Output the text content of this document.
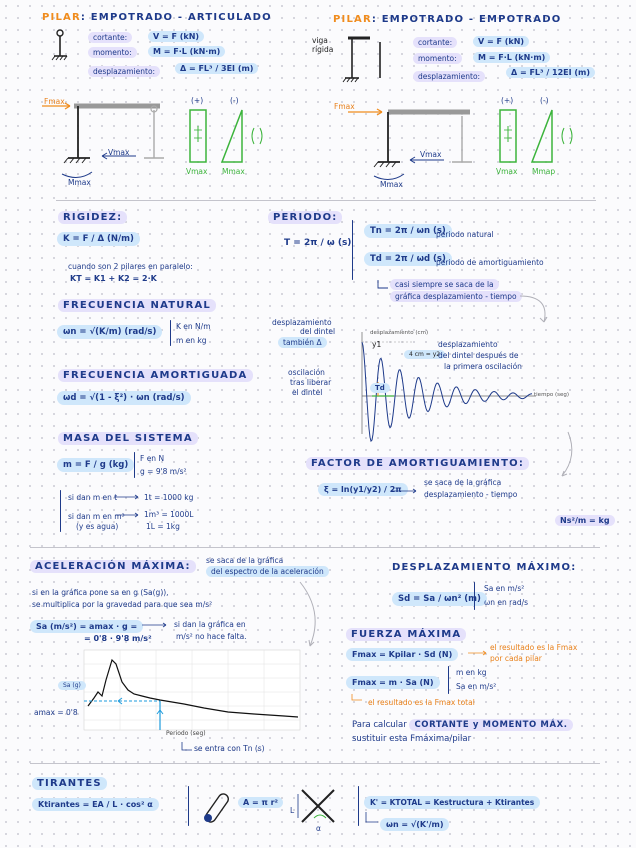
PILAR: EMPOTRADO - ARTICULADO
cortante:	V = F (kN)
momento:	M = F·L (kN·m)
desplazamiento:	Δ = FL³ / 3EI (m)
Fmax
Vmax
Mmax
(+)	(-)
Vmax Mmax
PILAR: EMPOTRADO - EMPOTRADO
viga rígida
cortante:	V = F (kN)
momento:	M = F·L (kN·m)
desplazamiento:	Δ = FL³ / 12EI (m)
Fmax
Vmax
Mmax
(+)	(-)
Vmax Mmap
RIGIDEZ:
K = F / Δ (N/m)
cuando son 2 pilares en paralelo:
KT = K1 + K2 = 2·K
PERIODO:
T = 2π / ω (s)
Tn = 2π / ωn (s)
periodo natural
Td = 2π / ωd (s)
periodo de amortiguamiento
casi siempre se saca de la
gráfica desplazamiento - tiempo
FRECUENCIA NATURAL
ωn = √(K/m) (rad/s)
K en N/m
m en kg
FRECUENCIA AMORTIGUADA
ωd = √(1 - ξ²) · ωn (rad/s)
desplazamiento
del dintel
también Δ
oscilación
tras liberar
el dintel
desplazamiento (cm)
tiempo (seg)
y1
4 cm = y2
Td
desplazamiento
del dintel después de
la primera oscilación
MASA DEL SISTEMA
m = F / g (kg)
F en N
g = 9'8 m/s²
si dan m en t	1t = 1000 kg
si dan m en m³
(y es agua)
1m³ = 1000L
1L = 1kg
FACTOR DE AMORTIGUAMIENTO:
ξ = ln(y1/y2) / 2π
se saca de la gráfica
desplazamiento - tiempo
Ns²/m = kg
ACELERACIÓN MÁXIMA:
se saca de la gráfica
del espectro de la aceleración
si en la gráfica pone sa en g (Sa(g)),
se multiplica por la gravedad para que sea m/s²
Sa (m/s²) = amax · g =
= 0'8 · 9'8 m/s²
si dan la gráfica en
m/s² no hace falta.
Sa (g)
amax = 0'8
Periodo (seg)
se entra con Tn (s)
DESPLAZAMIENTO MÁXIMO:
Sd = Sa / ωn² (m)
Sa en m/s²
ωn en rad/s
FUERZA MÁXIMA
Fmax = Kpilar · Sd (N)
el resultado es la Fmax
por cada pilar
Fmax = m · Sa (N)
m en kg
Sa en m/s²
el resultado es la Fmax total
Para calcular CORTANTE y MOMENTO MÁX.
sustituir esta Fmáxima/pilar
TIRANTES
Ktirantes = EA / L · cos² α	A = π r²
L
α
K' = KTOTAL = Kestructura + Ktirantes
ωn = √(K'/m)
